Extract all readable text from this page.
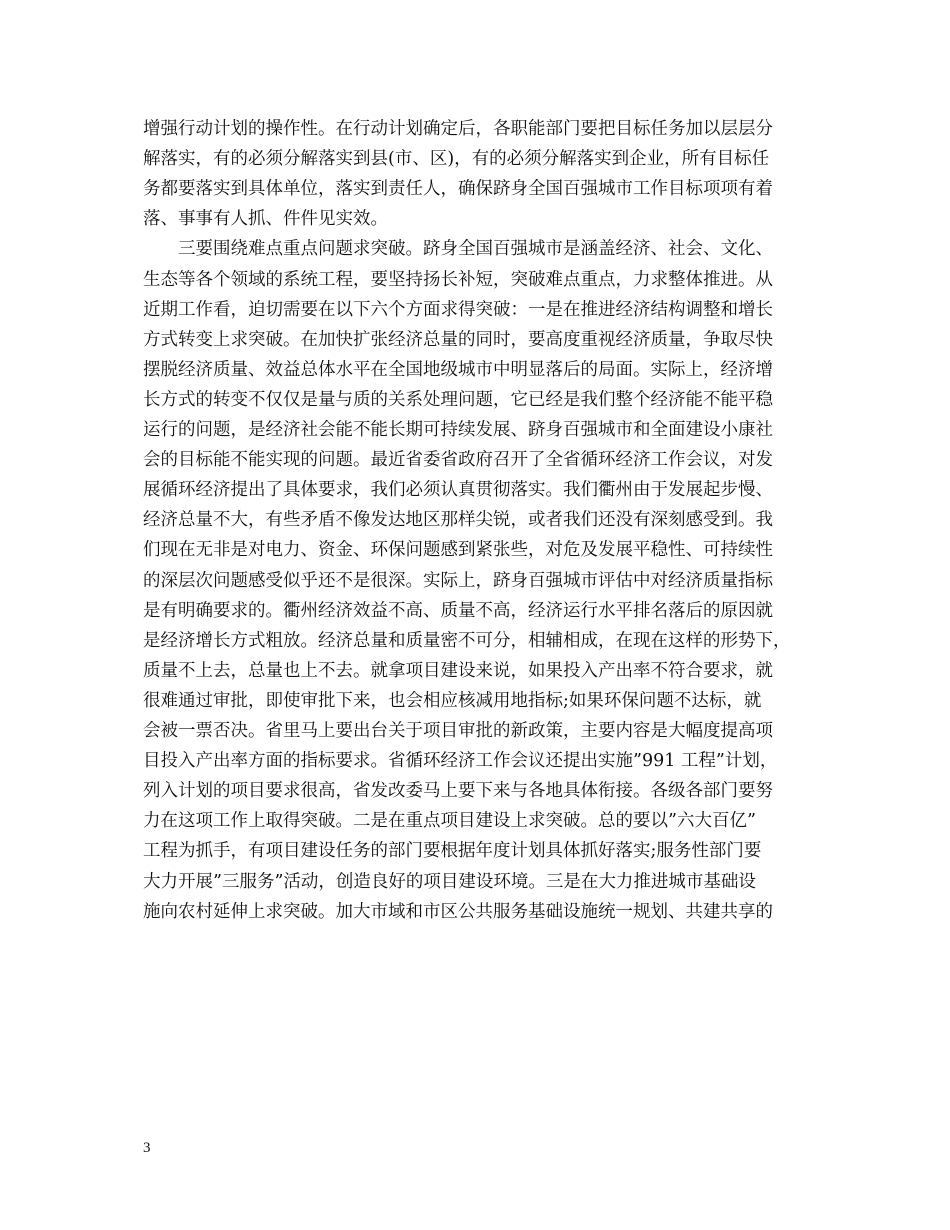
增强行动计划的操作性。在行动计划确定后，各职能部门要把目标任务加以层层分
解落实，有的必须分解落实到县(市、区)，有的必须分解落实到企业，所有目标任
务都要落实到具体单位，落实到责任人，确保跻身全国百强城市工作目标项项有着
落、事事有人抓、件件见实效。
三要围绕难点重点问题求突破。跻身全国百强城市是涵盖经济、社会、文化、
生态等各个领域的系统工程，要坚持扬长补短，突破难点重点，力求整体推进。从
近期工作看，迫切需要在以下六个方面求得突破：一是在推进经济结构调整和增长
方式转变上求突破。在加快扩张经济总量的同时，要高度重视经济质量，争取尽快
摆脱经济质量、效益总体水平在全国地级城市中明显落后的局面。实际上，经济增
长方式的转变不仅仅是量与质的关系处理问题，它已经是我们整个经济能不能平稳
运行的问题，是经济社会能不能长期可持续发展、跻身百强城市和全面建设小康社
会的目标能不能实现的问题。最近省委省政府召开了全省循环经济工作会议，对发
展循环经济提出了具体要求，我们必须认真贯彻落实。我们衢州由于发展起步慢、
经济总量不大，有些矛盾不像发达地区那样尖锐，或者我们还没有深刻感受到。我
们现在无非是对电力、资金、环保问题感到紧张些，对危及发展平稳性、可持续性
的深层次问题感受似乎还不是很深。实际上，跻身百强城市评估中对经济质量指标
是有明确要求的。衢州经济效益不高、质量不高，经济运行水平排名落后的原因就
是经济增长方式粗放。经济总量和质量密不可分，相辅相成，在现在这样的形势下，
质量不上去，总量也上不去。就拿项目建设来说，如果投入产出率不符合要求，就
很难通过审批，即使审批下来，也会相应核减用地指标;如果环保问题不达标，就
会被一票否决。省里马上要出台关于项目审批的新政策，主要内容是大幅度提高项
目投入产出率方面的指标要求。省循环经济工作会议还提出实施”991 工程”计划，
列入计划的项目要求很高，省发改委马上要下来与各地具体衔接。各级各部门要努
力在这项工作上取得突破。二是在重点项目建设上求突破。总的要以”六大百亿”
工程为抓手，有项目建设任务的部门要根据年度计划具体抓好落实;服务性部门要
大力开展”三服务”活动，创造良好的项目建设环境。三是在大力推进城市基础设
施向农村延伸上求突破。加大市域和市区公共服务基础设施统一规划、共建共享的
3
